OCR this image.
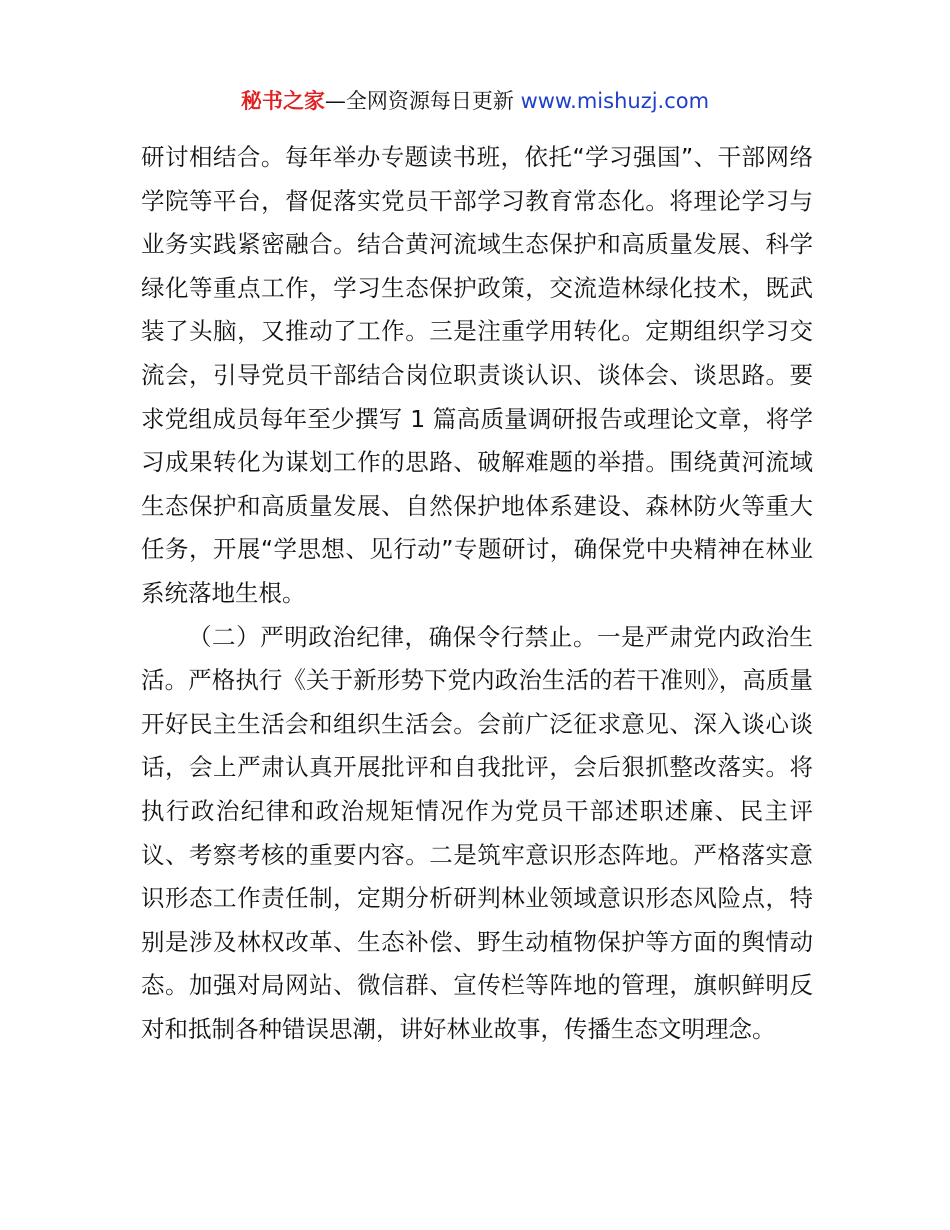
秘书之家—全网资源每日更新 www.mishuzj.com

研讨相结合。每年举办专题读书班，依托“学习强国”、干部网络学院等平台，督促落实党员干部学习教育常态化。将理论学习与业务实践紧密融合。结合黄河流域生态保护和高质量发展、科学绿化等重点工作，学习生态保护政策，交流造林绿化技术，既武装了头脑，又推动了工作。三是注重学用转化。定期组织学习交流会，引导党员干部结合岗位职责谈认识、谈体会、谈思路。要求党组成员每年至少撰写 1 篇高质量调研报告或理论文章，将学习成果转化为谋划工作的思路、破解难题的举措。围绕黄河流域生态保护和高质量发展、自然保护地体系建设、森林防火等重大任务，开展“学思想、见行动”专题研讨，确保党中央精神在林业系统落地生根。

（二）严明政治纪律，确保令行禁止。一是严肃党内政治生活。严格执行《关于新形势下党内政治生活的若干准则》，高质量开好民主生活会和组织生活会。会前广泛征求意见、深入谈心谈话，会上严肃认真开展批评和自我批评，会后狠抓整改落实。将执行政治纪律和政治规矩情况作为党员干部述职述廉、民主评议、考察考核的重要内容。二是筑牢意识形态阵地。严格落实意识形态工作责任制，定期分析研判林业领域意识形态风险点，特别是涉及林权改革、生态补偿、野生动植物保护等方面的舆情动态。加强对局网站、微信群、宣传栏等阵地的管理，旗帜鲜明反对和抵制各种错误思潮，讲好林业故事，传播生态文明理念。
